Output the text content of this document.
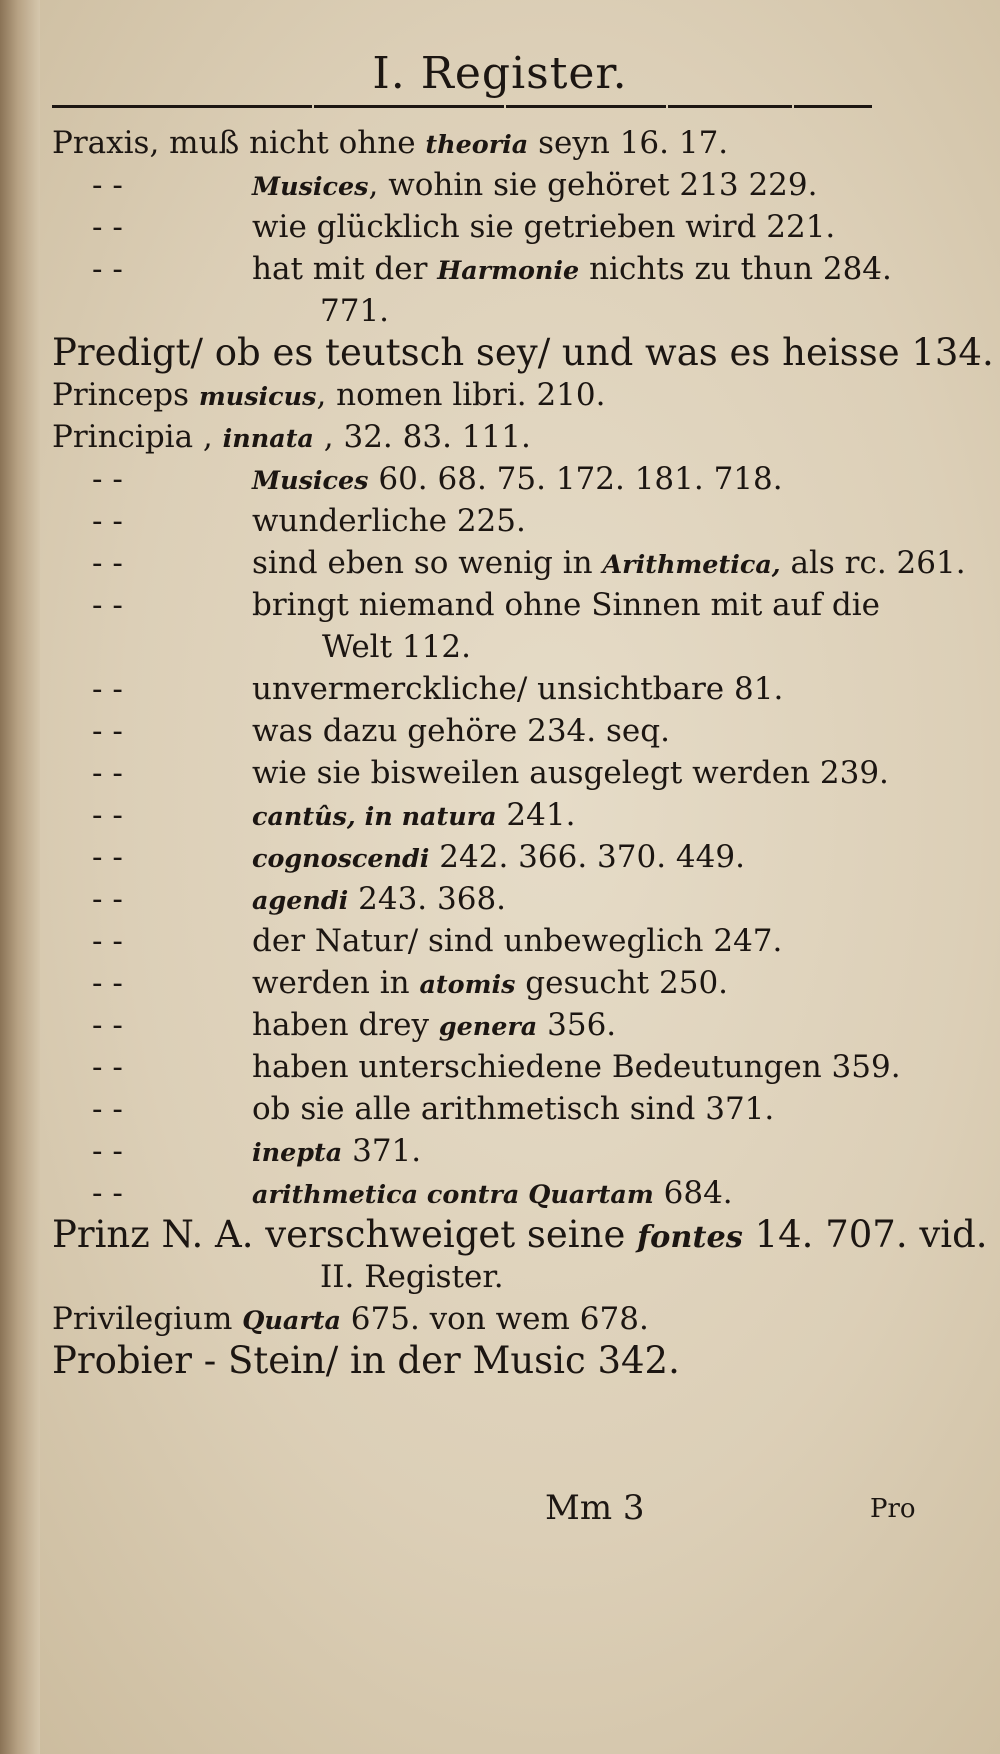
I. Register.
Praxis, muß nicht ohne theoria seyn 16. 17.
- -	Musices, wohin sie gehöret 213 229.
- -	wie glücklich sie getrieben wird 221.
- -	hat mit der Harmonie nichts zu thun 284.
771.
Predigt/ ob es teutsch sey/ und was es heisse 134.
Princeps musicus, nomen libri. 210.
Principia , innata , 32. 83. 111.
- -	Musices 60. 68. 75. 172. 181. 718.
- -	wunderliche 225.
- -	sind eben so wenig in Arithmetica, als rc. 261.
- -	bringt niemand ohne Sinnen mit auf die
Welt 112.
- -	unvermerckliche/ unsichtbare 81.
- -	was dazu gehöre 234. seq.
- -	wie sie bisweilen ausgelegt werden 239.
- -	cantûs, in natura 241.
- -	cognoscendi 242. 366. 370. 449.
- -	agendi 243. 368.
- -	der Natur/ sind unbeweglich 247.
- -	werden in atomis gesucht 250.
- -	haben drey genera 356.
- -	haben unterschiedene Bedeutungen 359.
- -	ob sie alle arithmetisch sind 371.
- -	inepta 371.
- -	arithmetica contra Quartam 684.
Prinz N. A. verschweiget seine fontes 14. 707. vid.
II. Register.
Privilegium Quarta 675. von wem 678.
Probier - Stein/ in der Music 342.
Mm 3	Pro
